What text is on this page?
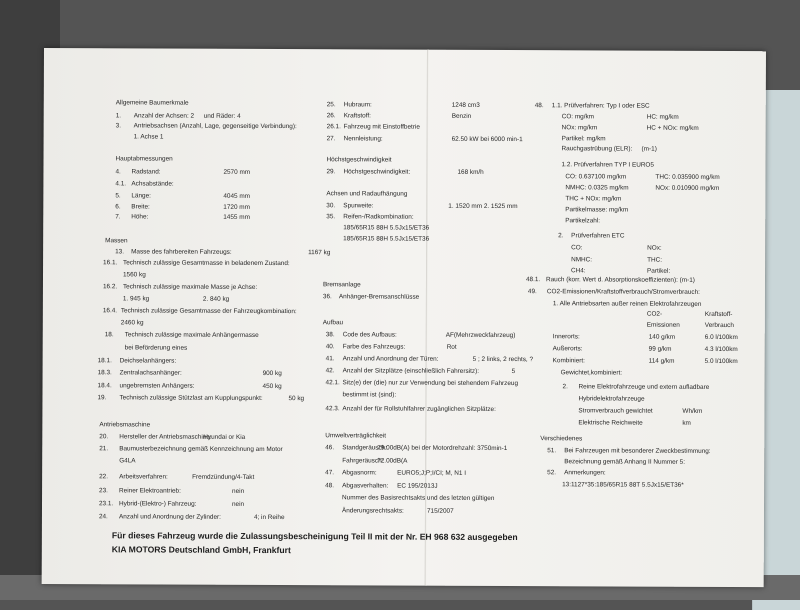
Allgemeine Baumerkmale
1. Anzahl der Achsen: 2 und Räder: 4
3. Antriebsachsen (Anzahl, Lage, gegenseitige Verbindung):
1. Achse 1
Hauptabmessungen
4. Radstand:	2570 mm
4.1. Achsabstände:
5. Länge:	4045 mm
6. Breite:	1720 mm
7. Höhe:	1455 mm
Massen
13. Masse des fahrbereiten Fahrzeugs:	1167 kg
16.1. Technisch zulässige Gesamtmasse in beladenem Zustand:
1560 kg
16.2. Technisch zulässige maximale Masse je Achse:
1. 945 kg	2. 840 kg
16.4. Technisch zulässige Gesamtmasse der Fahrzeugkombination:
2460 kg
18. Technisch zulässige maximale Anhängermasse
bei Beförderung eines
18.1. Deichselanhängers:
18.3. Zentralachsanhänger:	900 kg
18.4. ungebremsten Anhängers:	450 kg
19. Technisch zulässige Stützlast am Kupplungspunkt:	50 kg
Antriebsmaschine
20. Hersteller der Antriebsmaschine:
Hyundai or Kia
21. Baumusterbezeichnung gemäß Kennzeichnung am Motor
G4LA
22. Arbeitsverfahren:	Fremdzündung/4-Takt
23. Reiner Elektroantrieb:	nein
23.1. Hybrid-(Elektro-) Fahrzeug:	nein
24. Anzahl und Anordnung der Zylinder:	4; in Reihe
25. Hubraum:	1248 cm3
26. Kraftstoff:	Benzin
26.1. Fahrzeug mit Einstoffbetrie
27. Nennleistung:	62.50 kW bei 6000 min-1
Höchstgeschwindigkeit
29. Höchstgeschwindigkeit:	168 km/h
Achsen und Radaufhängung
30. Spurweite:	1. 1520 mm 2. 1525 mm
35. Reifen-/Radkombination:
185/65R15 88H 5.5Jx15/ET36
185/65R15 88H 5.5Jx15/ET36
Bremsanlage
36. Anhänger-Bremsanschlüsse
Aufbau
38. Code des Aufbaus:	AF(Mehrzweckfahrzeug)
40. Farbe des Fahrzeugs:	Rot
41. Anzahl und Anordnung der Türen:	5 ; 2 links, 2 rechts, ?
42. Anzahl der Sitzplätze (einschließlich Fahrersitz):	5
42.1. Sitz(e) der (die) nur zur Verwendung bei stehendem Fahrzeug
bestimmt ist (sind):
42.3. Anzahl der für Rollstuhlfahrer zugänglichen Sitzplätze:
Umweltverträglichkeit
46. Standgeräusch:
79.00dB(A) bei der Motordrehzahl: 3750min-1
Fahrgeräusch:
72.00dB(A
47. Abgasnorm:	EURO5;J;P;I/CI; M, N1 I
48. Abgasverhalten: EC 195/2013J
Nummer des Basisrechtsakts und des letzten gültigen
Änderungsrechtsakts:	715/2007
48. 1.1. Prüfverfahren: Typ I oder ESC
CO: mg/km	HC: mg/km
NOx: mg/km	HC + NOx: mg/km
Partikel: mg/km
Rauchgastrübung (ELR): (m-1)
1.2. Prüfverfahren TYP I EURO5
CO: 0.637100 mg/km	THC: 0.035900 mg/km
NMHC: 0.0325 mg/km	NOx: 0.010900 mg/km
THC + NOx: mg/km
Partikelmasse: mg/km
Partikelzahl:
2. Prüfverfahren ETC
CO:	NOx:
NMHC:	THC:
CH4:	Partikel:
48.1. Rauch (korr. Wert d. Absorptionskoeffizienten): (m-1)
49. CO2-Emissionen/Kraftstoffverbrauch/Stromverbrauch:
1. Alle Antriebsarten außer reinen Elektrofahrzeugen
CO2-	Kraftstoff-
Emissionen	Verbrauch
Innerorts:	140 g/km	6.0 l/100km
Außerorts:	99 g/km	4.3 l/100km
Kombiniert:	114 g/km	5.0 l/100km
Gewichtet,kombiniert:
2. Reine Elektrofahrzeuge und extern aufladbare
Hybridelektrofahrzeuge
Stromverbrauch gewichtet	Wh/km
Elektrische Reichweite	km
Verschiedenes
51. Bei Fahrzeugen mit besonderer Zweckbestimmung:
Bezeichnung gemäß Anhang II Nummer 5:
52. Anmerkungen:
13:1127*35:185/65R15 88T 5.5Jx15/ET36*
Für dieses Fahrzeug wurde die Zulassungsbescheinigung Teil II mit der Nr. EH 968 632 ausgegeben
KIA MOTORS Deutschland GmbH, Frankfurt
